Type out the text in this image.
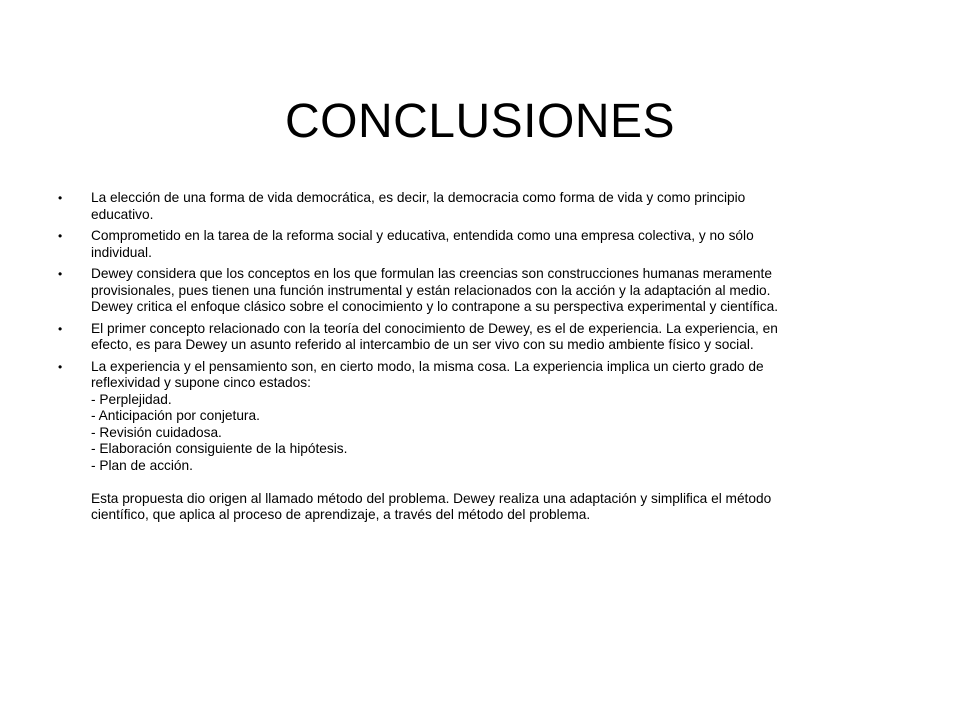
CONCLUSIONES
• La elección de una forma de vida democrática, es decir, la democracia como forma de vida y como principio
educativo.
• Comprometido en la tarea de la reforma social y educativa, entendida como una empresa colectiva, y no sólo
individual.
• Dewey considera que los conceptos en los que formulan las creencias son construcciones humanas meramente
provisionales, pues tienen una función instrumental y están relacionados con la acción y la adaptación al medio.
Dewey critica el enfoque clásico sobre el conocimiento y lo contrapone a su perspectiva experimental y científica.
• El primer concepto relacionado con la teoría del conocimiento de Dewey, es el de experiencia. La experiencia, en
efecto, es para Dewey un asunto referido al intercambio de un ser vivo con su medio ambiente físico y social.
• La experiencia y el pensamiento son, en cierto modo, la misma cosa. La experiencia implica un cierto grado de
reflexividad y supone cinco estados:
- Perplejidad.
- Anticipación por conjetura.
- Revisión cuidadosa.
- Elaboración consiguiente de la hipótesis.
- Plan de acción.
Esta propuesta dio origen al llamado método del problema. Dewey realiza una adaptación y simplifica el método
científico, que aplica al proceso de aprendizaje, a través del método del problema.
